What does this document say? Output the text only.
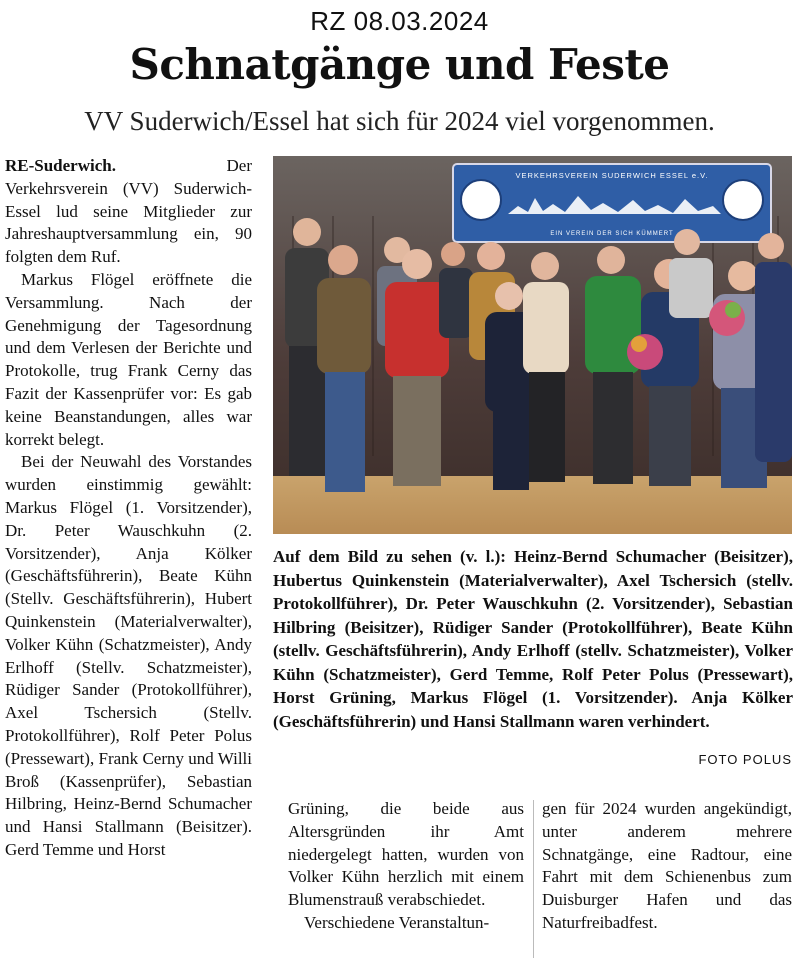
RZ 08.03.2024
Schnatgänge und Feste
VV Suderwich/Essel hat sich für 2024 viel vorgenommen.

RE-Suderwich.	Der Verkehrsverein (VV) Suderwich-Essel lud seine Mitglieder zur Jahreshauptversammlung ein, 90 folgten dem Ruf.

Markus Flögel eröffnete die Versammlung. Nach der Genehmigung der Tagesordnung und dem Verlesen der Berichte und Protokolle, trug Frank Cerny das Fazit der Kassenprüfer vor: Es gab keine Beanstandungen, alles war korrekt belegt.

Bei der Neuwahl des Vorstandes wurden einstimmig gewählt: Markus Flögel (1. Vorsitzender), Dr. Peter Wauschkuhn (2. Vorsitzender), Anja Kölker (Geschäftsführerin), Beate Kühn (Stellv. Geschäftsführerin), Hubert Quinkenstein (Materialverwalter), Volker Kühn (Schatzmeister), Andy Erlhoff (Stellv. Schatzmeister), Rüdiger Sander (Protokollführer), Axel Tschersich (Stellv. Protokollführer), Rolf Peter Polus (Pressewart), Frank Cerny und Willi Broß (Kassenprüfer), Sebastian Hilbring, Heinz-Bernd Schumacher und Hansi Stallmann (Beisitzer). Gerd Temme und Horst

VERKEHRSVEREIN SUDERWICH ESSEL e.V.
EIN VEREIN DER SICH KÜMMERT
Auf dem Bild zu sehen (v. l.): Heinz-Bernd Schumacher (Beisitzer), Hubertus Quinkenstein (Materialverwalter), Axel Tschersich (stellv. Protokollführer), Dr. Peter Wauschkuhn (2. Vorsitzender), Sebastian Hilbring (Beisitzer), Rüdiger Sander (Protokollführer), Beate Kühn (stellv. Geschäftsführerin), Andy Erlhoff (stellv. Schatzmeister), Volker Kühn (Schatzmeister), Gerd Temme, Rolf Peter Polus (Pressewart), Horst Grüning, Markus Flögel (1. Vorsitzender). Anja Kölker (Geschäftsführerin) und Hansi Stallmann waren verhindert.
FOTO POLUS

Grüning, die beide aus Altersgründen ihr Amt niedergelegt hatten, wurden von Volker Kühn herzlich mit einem Blumenstrauß verabschiedet.

Verschiedene Veranstaltun-

gen für 2024 wurden angekündigt, unter anderem mehrere Schnatgänge, eine Radtour, eine Fahrt mit dem Schienenbus zum Duisburger Hafen und das Naturfreibadfest.
